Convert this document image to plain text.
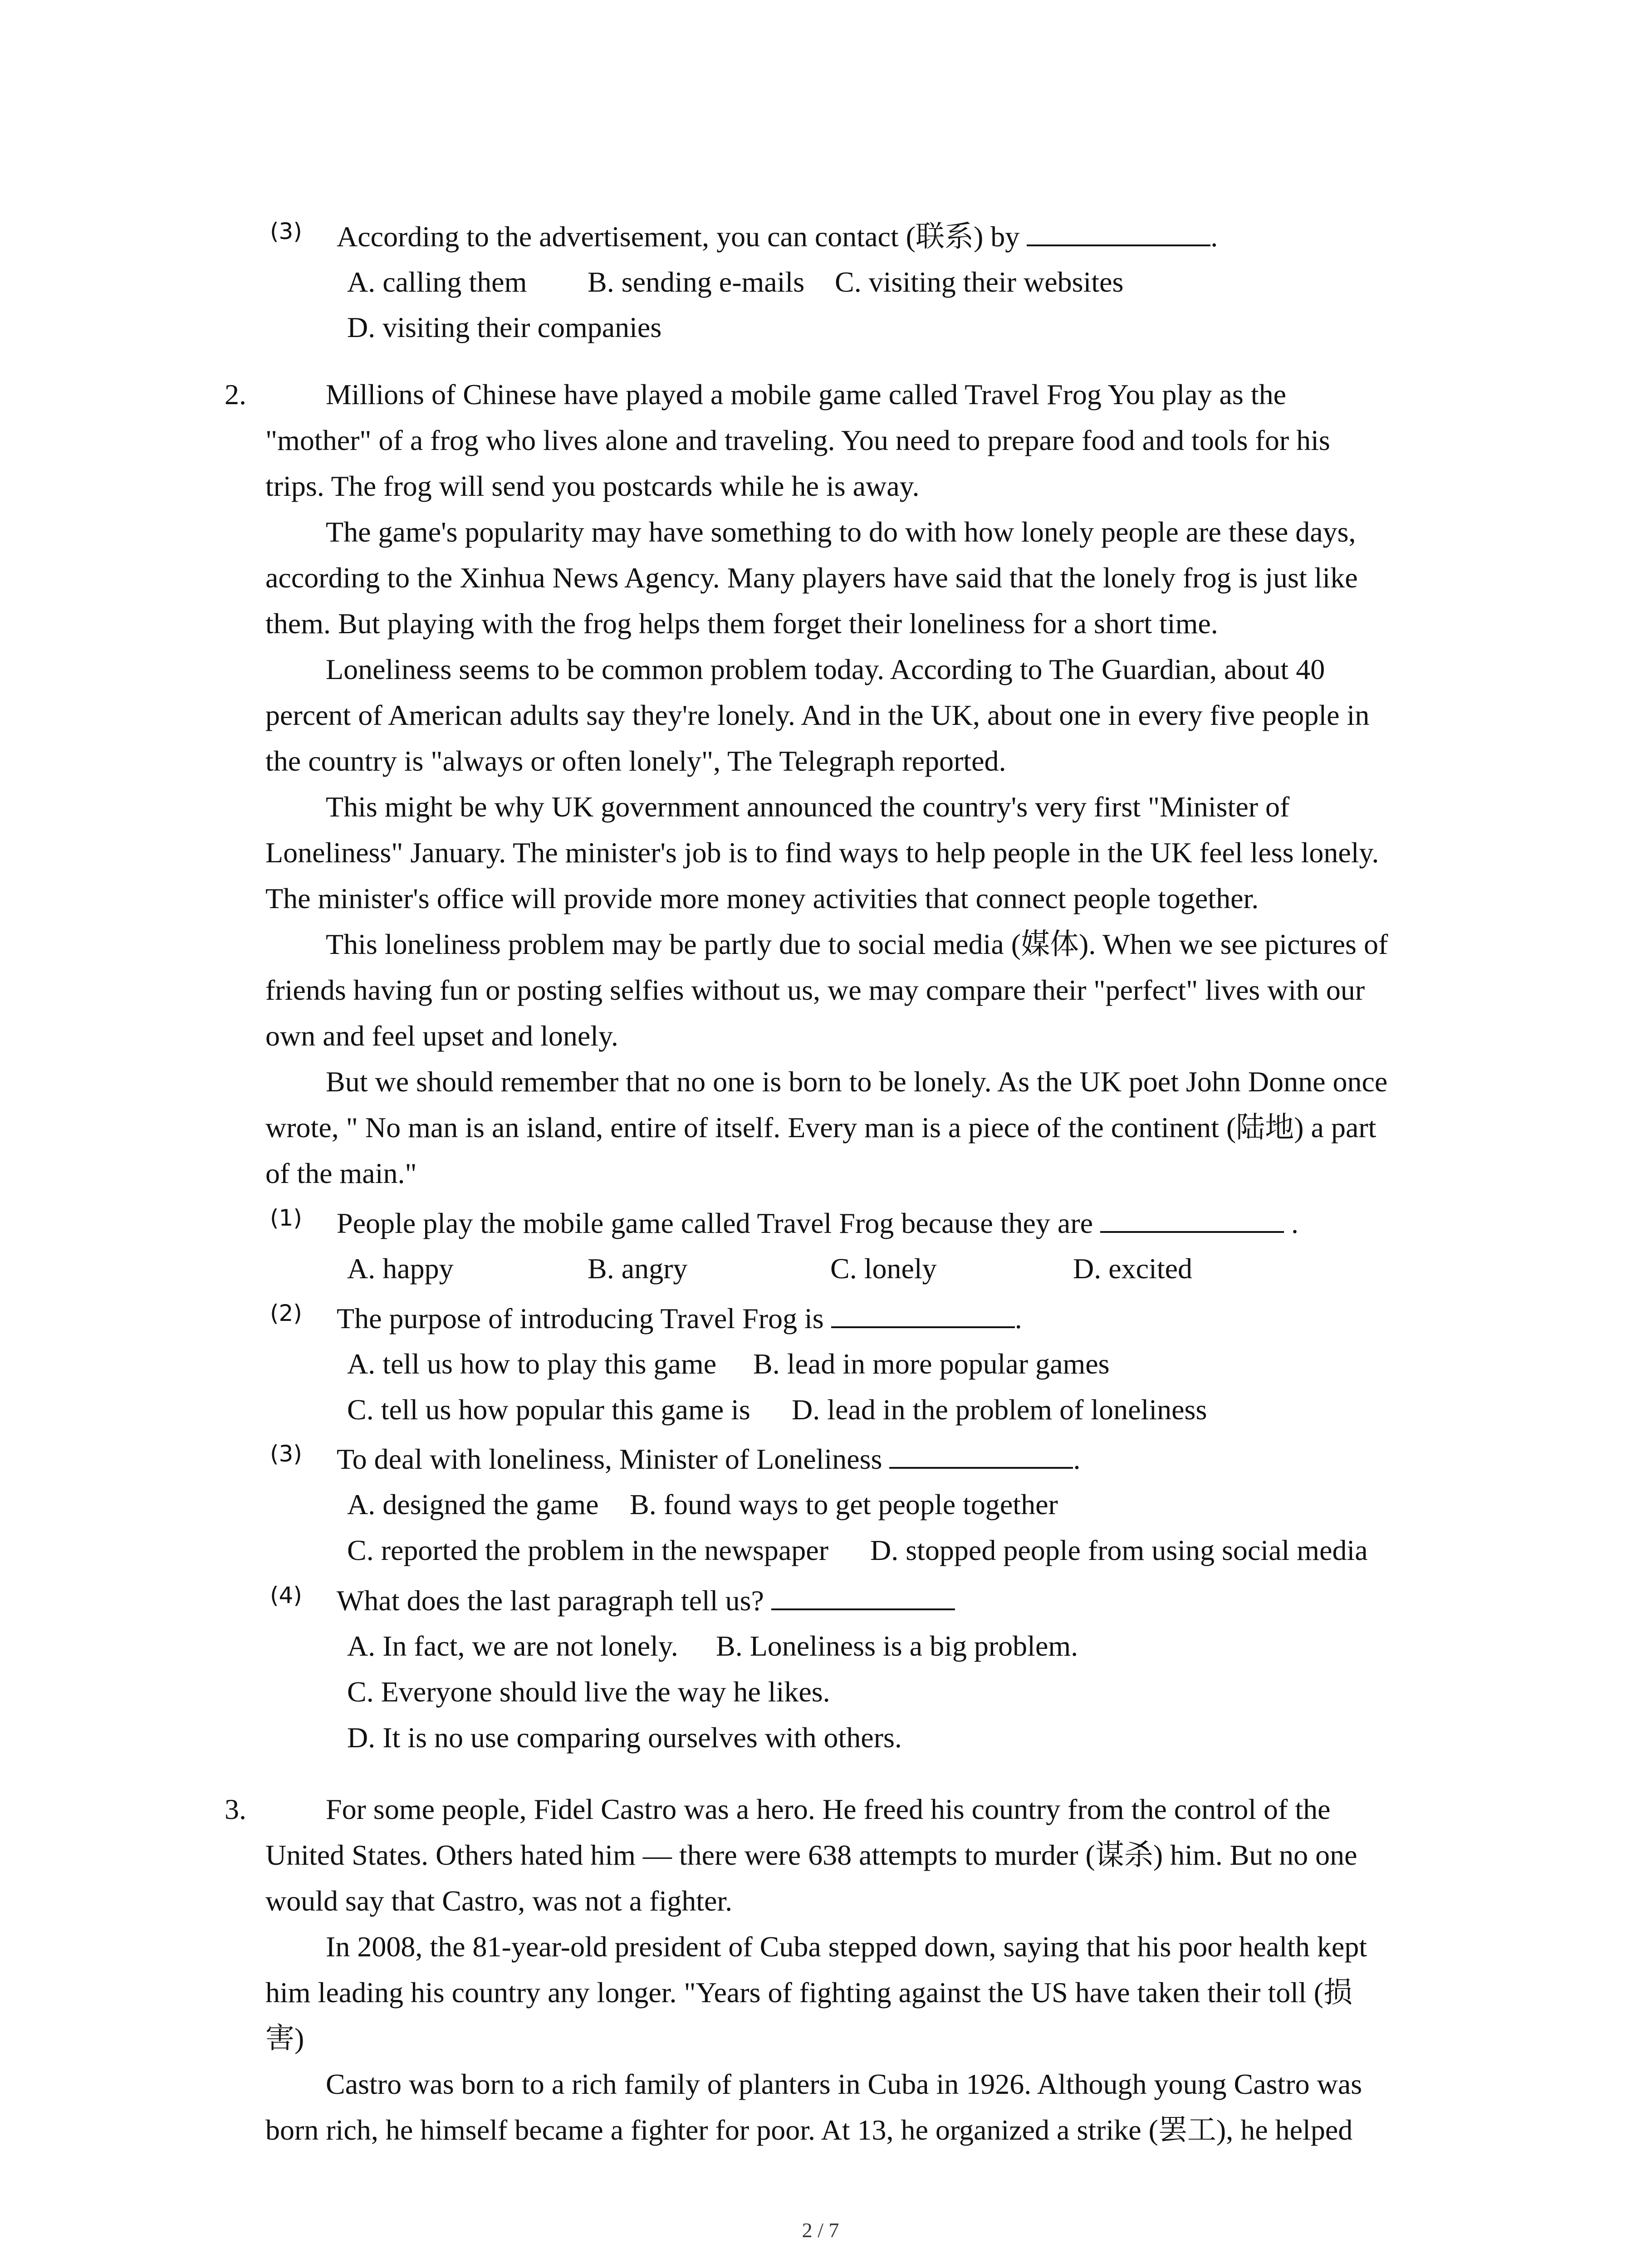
(3) According to the advertisement, you can contact (联系) by	.
A. calling them B. sending e-mails C. visiting their websites
D. visiting their companies
2.	Millions of Chinese have played a mobile game called Travel Frog You play as the
"mother" of a frog who lives alone and traveling. You need to prepare food and tools for his
trips. The frog will send you postcards while he is away.
The game's popularity may have something to do with how lonely people are these days,
according to the Xinhua News Agency. Many players have said that the lonely frog is just like
them. But playing with the frog helps them forget their loneliness for a short time.
Loneliness seems to be common problem today. According to The Guardian, about 40
percent of American adults say they're lonely. And in the UK, about one in every five people in
the country is "always or often lonely", The Telegraph reported.
This might be why UK government announced the country's very first "Minister of
Loneliness" January. The minister's job is to find ways to help people in the UK feel less lonely.
The minister's office will provide more money activities that connect people together.
This loneliness problem may be partly due to social media (媒体). When we see pictures of
friends having fun or posting selfies without us, we may compare their "perfect" lives with our
own and feel upset and lonely.
But we should remember that no one is born to be lonely. As the UK poet John Donne once
wrote, " No man is an island, entire of itself. Every man is a piece of the continent (陆地) a part
of the main."
(1) People play the mobile game called Travel Frog because they are	.
A. happy	B. angry	C. lonely	D. excited
(2) The purpose of introducing Travel Frog is	.
A. tell us how to play this game B. lead in more popular games
C. tell us how popular this game is D. lead in the problem of loneliness
(3) To deal with loneliness, Minister of Loneliness	.
A. designed the game B. found ways to get people together
C. reported the problem in the newspaper D. stopped people from using social media
(4) What does the last paragraph tell us?
A. In fact, we are not lonely. B. Loneliness is a big problem.
C. Everyone should live the way he likes.
D. It is no use comparing ourselves with others.
3.	For some people, Fidel Castro was a hero. He freed his country from the control of the
United States. Others hated him — there were 638 attempts to murder (谋杀) him. But no one
would say that Castro, was not a fighter.
In 2008, the 81-year-old president of Cuba stepped down, saying that his poor health kept
him leading his country any longer. "Years of fighting against the US have taken their toll (损
害)
Castro was born to a rich family of planters in Cuba in 1926. Although young Castro was
born rich, he himself became a fighter for poor. At 13, he organized a strike (罢工), he helped
2 / 7
